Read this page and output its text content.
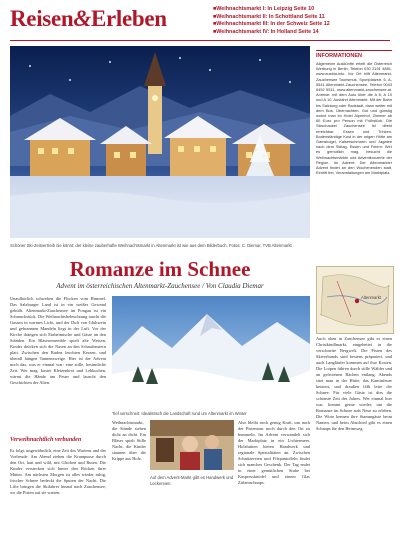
Reisen&Erleben
■	Weihnachtsmarkt I: In Leipzig Seite 10
■ Weihnachtsmarkt II: In Schottland Seite 11
■ Weihnachtsmarkt III: In der Schweiz Seite 12
■ Weihnachtsmarkt IV: In Holland Seite 14
Schöner Ski-Zeitvertreib nie könnt: der kleine zauberhafte Weihnachtsmarkt in Altenmarkt ist wie aus dem Bilderbuch. Fotos: C. Diemar, TVB Altenmarkt
INFORMATIONEN
Allgemeine Auskünfte erteilt die Österreich Werbung in Berlin, Telefon 030 2191 4881, www.austria.info. Vor Ort hilft Altenmarkt-Zauchensee Tourismus, Sportplatzstr. 6, A-5541 Altenmarkt-Zauchensee, Telefon 0043 6452 5511, www.altenmarkt-zauchensee.at. Anreise: mit dem Auto über die A 8, A 10 und A 10, Ausfahrt Altenmarkt. Mit der Bahn bis Salzburg oder Radstadt, dann weiter mit dem Bus. Übernachten: Gut und günstig wohnt man im Hotel Alpenhof, Zimmer ab 60 Euro pro Person mit Frühstück. Die Skischaukel Zauchensee ist direkt erreichbar. Essen und Trinken: Bodenständige Kost in der urigen Hütte am Gamskogel, Kaiserschmarrn und Jagatee nach dem Skitag. Essen und Feiern: Wer es gemütlich mag, besucht die Weihnachtsmärkte und Adventkonzerte der Region. Im Advent: Der Altenmarkter Advent findet an den Wochenenden statt, Eintritt frei. Veranstaltungen am Marktplatz.
Romanze im Schnee
Advent im österreichischen Altenmarkt-Zauchensee / Von Claudia Diemar
Unaufhörlich schweben die Flocken vom Himmel. Das Salzburger Land ist in ein weißes Gewand gehüllt. Altenmarkt-Zauchensee im Pongau ist ein Schmuckstück. Die Weihnachtsbeleuchtung taucht die Gassen in warmes Licht, und der Duft von Glühwein und gebrannten Mandeln liegt in der Luft. Vor der Kirche drängen sich Einheimische und Gäste an den Ständen. Ein Bläserensemble spielt alte Weisen, Kinder drücken sich die Nasen an den Schaufenstern platt. Zwischen den Buden leuchten Kerzen, und überall hängen Tannenzweige. Hier ist der Advent noch das, was er einmal war: eine stille, besinnliche Zeit. Wer mag, kostet Kletzenbrot und Lebkuchen, wärmt die Hände am Feuer und lauscht den Geschichten der Alten.
Verweihnachtlich verbunden
Es folgt, ungewöhnlich, eine Zeit des Wartens und der Vorfreude. Am Abend ziehen die Krampusse durch den Ort, laut und wild, mit Glocken und Ruten. Die Kinder verstecken sich hinter den Röcken ihrer Mütter. Am nächsten Morgen ist alles wieder ruhig, frischer Schnee bedeckt die Spuren der Nacht. Die Lifte bringen die Skifahrer hinauf nach Zauchensee, wo die Pisten auf sie warten.
Tief verschneit: Idealistisch die Landschaft rund um Altenmarkt im Winter
Weihnachtsmarkt, die Stände stehen dicht an dicht. Ein Bläser spielt Stille Nacht, die Kinder staunen über die Krippe aus Holz.
Auf dem Advent-Markt gibt es Handwerk und Leckereien.
Also bleibt noch genug Kraft, um nach der Pistentour noch durch den Ort zu bummeln. Im Advent verwandelt sich der Marktplatz in ein Lichtermeer. Holzhütten bieten Handwerk und regionale Spezialitäten an. Zwischen Schnitzereien und Filzpantoffeln findet sich manches Geschenk. Der Tag endet in einer gemütlichen Stube bei Kaspressknödel und einem Glas Zirbenschnaps.
Altenmarkt
Auch oben in Zauchensee gibt es einen Christkindlmarkt, eingebettet in die verschneite Bergwelt. Die Pisten des Skiverbunds sind bestens präpariert, und auch Langläufer kommen auf ihre Kosten. Die Loipen führen durch stille Wälder und an gefrorenen Bächen entlang. Abends sitzt man in der Hütte, das Kaminfeuer knistert, und draußen fällt leise der Schnee. Für viele Gäste ist dies die schönste Zeit des Jahres. Wer einmal hier war, kommt gerne wieder, um die Romanze im Schnee aufs Neue zu erleben. Die Wirte kennen ihre Stammgäste beim Namen, und beim Abschied gibt es einen Schnaps für den Heimweg.
